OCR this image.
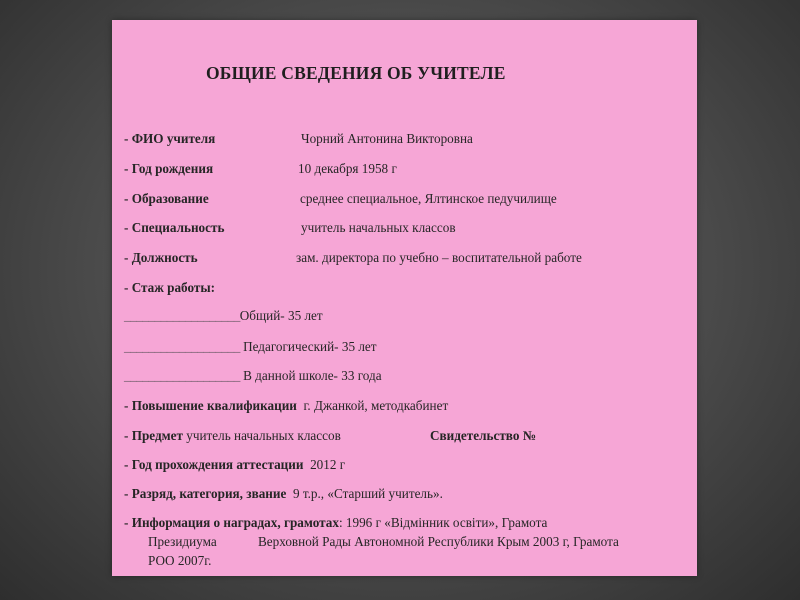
ОБЩИЕ СВЕДЕНИЯ ОБ УЧИТЕЛЕ
- ФИО учителя	Чорний Антонина Викторовна
- Год рождения	10 декабря 1958 г
- Образование	среднее специальное, Ялтинское педучилище
- Специальность	учитель начальных классов
- Должность	зам. директора по учебно – воспитательной работе
- Стаж работы:
___________________Общий- 35 лет
___________________ Педагогический- 35 лет
___________________ В данной школе- 33 года
- Повышение квалификации г. Джанкой, методкабинет
- Предмет учитель начальных классов	Свидетельство №
- Год прохождения аттестации 2012 г
- Разряд, категория, звание 9 т.р., «Старший учитель».
- Информация о наградах, грамотах: 1996 г «Відмінник освіти», Грамота
Президиума	Верховной Рады Автономной Республики Крым 2003 г, Грамота
РОО 2007г.
